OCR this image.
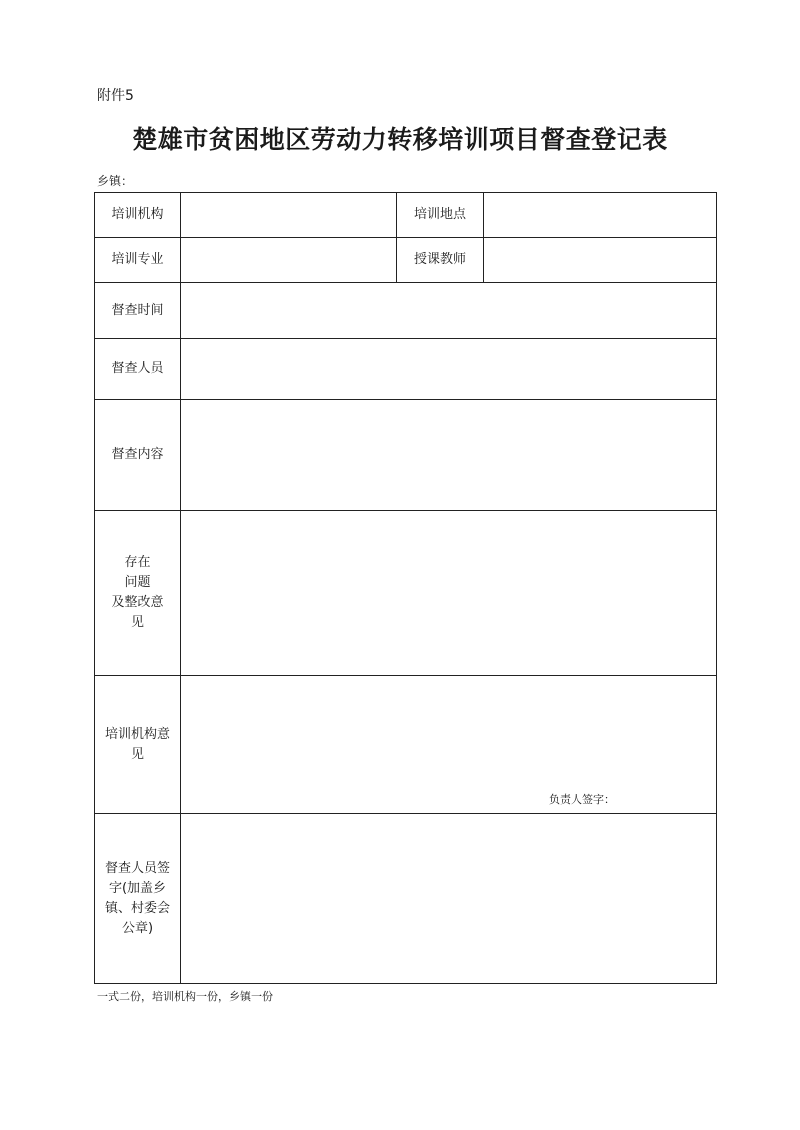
附件5
楚雄市贫困地区劳动力转移培训项目督查登记表
乡镇：
培训机构		培训地点	
培训专业		授课教师	
督查时间			
督查人员			
督查内容			

存在
问题
及整改意
见			

培训机构意
见	负责人签字：		

督查人员签
字(加盖乡
镇、村委会
公章)			

一式二份，培训机构一份，乡镇一份
